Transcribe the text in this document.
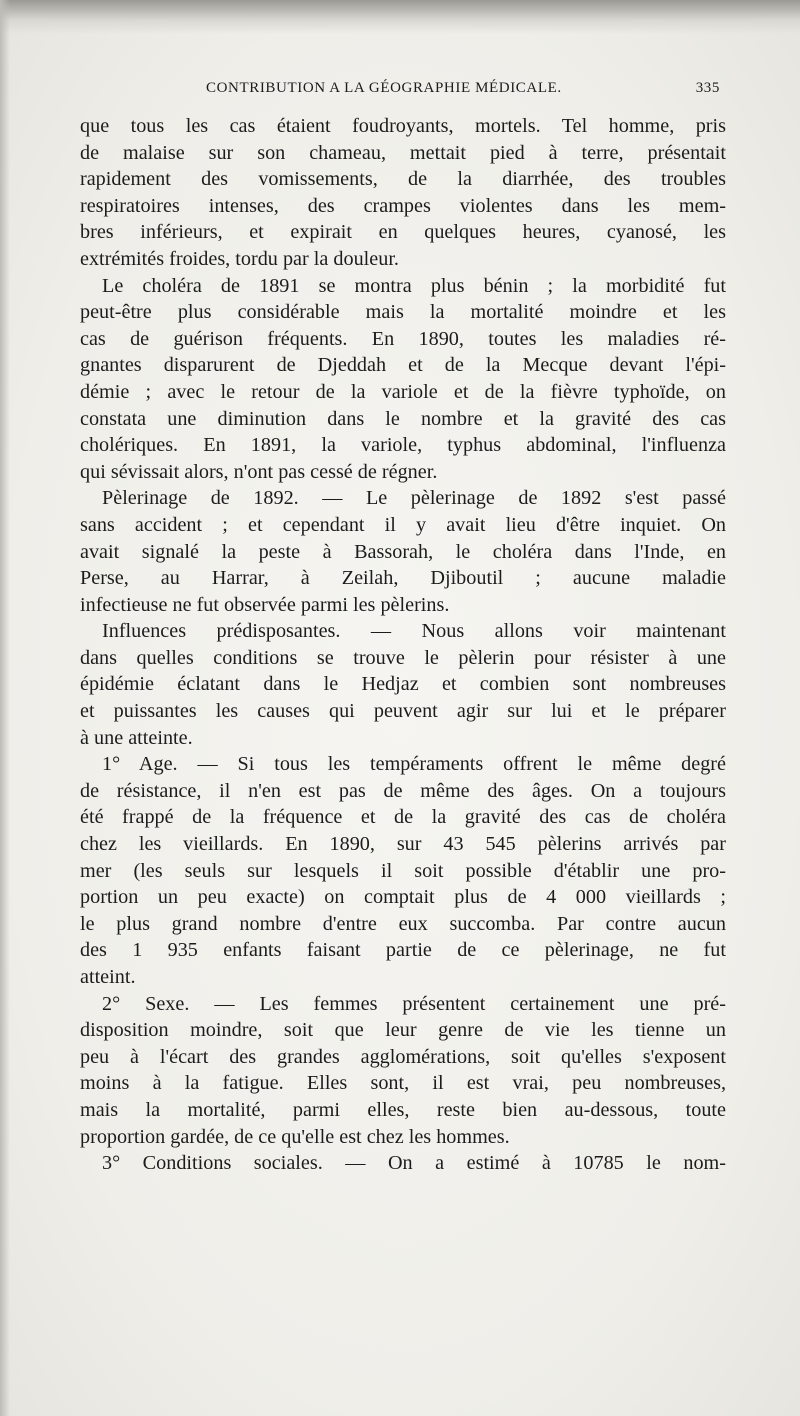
CONTRIBUTION A LA GÉOGRAPHIE MÉDICALE.	335
que tous les cas étaient foudroyants, mortels. Tel homme, pris
de malaise sur son chameau, mettait pied à terre, présentait
rapidement des vomissements, de la diarrhée, des troubles
respiratoires intenses, des crampes violentes dans les mem-
bres inférieurs, et expirait en quelques heures, cyanosé, les
extrémités froides, tordu par la douleur.
Le choléra de 1891 se montra plus bénin ; la morbidité fut
peut-être plus considérable mais la mortalité moindre et les
cas de guérison fréquents. En 1890, toutes les maladies ré-
gnantes disparurent de Djeddah et de la Mecque devant l'épi-
démie ; avec le retour de la variole et de la fièvre typhoïde, on
constata une diminution dans le nombre et la gravité des cas
cholériques. En 1891, la variole, typhus abdominal, l'influenza
qui sévissait alors, n'ont pas cessé de régner.
Pèlerinage de 1892. — Le pèlerinage de 1892 s'est passé
sans accident ; et cependant il y avait lieu d'être inquiet. On
avait signalé la peste à Bassorah, le choléra dans l'Inde, en
Perse, au Harrar, à Zeilah, Djiboutil ; aucune maladie
infectieuse ne fut observée parmi les pèlerins.
Influences prédisposantes. — Nous allons voir maintenant
dans quelles conditions se trouve le pèlerin pour résister à une
épidémie éclatant dans le Hedjaz et combien sont nombreuses
et puissantes les causes qui peuvent agir sur lui et le préparer
à une atteinte.
1° Age. — Si tous les tempéraments offrent le même degré
de résistance, il n'en est pas de même des âges. On a toujours
été frappé de la fréquence et de la gravité des cas de choléra
chez les vieillards. En 1890, sur 43 545 pèlerins arrivés par
mer (les seuls sur lesquels il soit possible d'établir une pro-
portion un peu exacte) on comptait plus de 4 000 vieillards ;
le plus grand nombre d'entre eux succomba. Par contre aucun
des 1 935 enfants faisant partie de ce pèlerinage, ne fut
atteint.
2° Sexe. — Les femmes présentent certainement une pré-
disposition moindre, soit que leur genre de vie les tienne un
peu à l'écart des grandes agglomérations, soit qu'elles s'exposent
moins à la fatigue. Elles sont, il est vrai, peu nombreuses,
mais la mortalité, parmi elles, reste bien au-dessous, toute
proportion gardée, de ce qu'elle est chez les hommes.
3° Conditions sociales. — On a estimé à 10785 le nom-
